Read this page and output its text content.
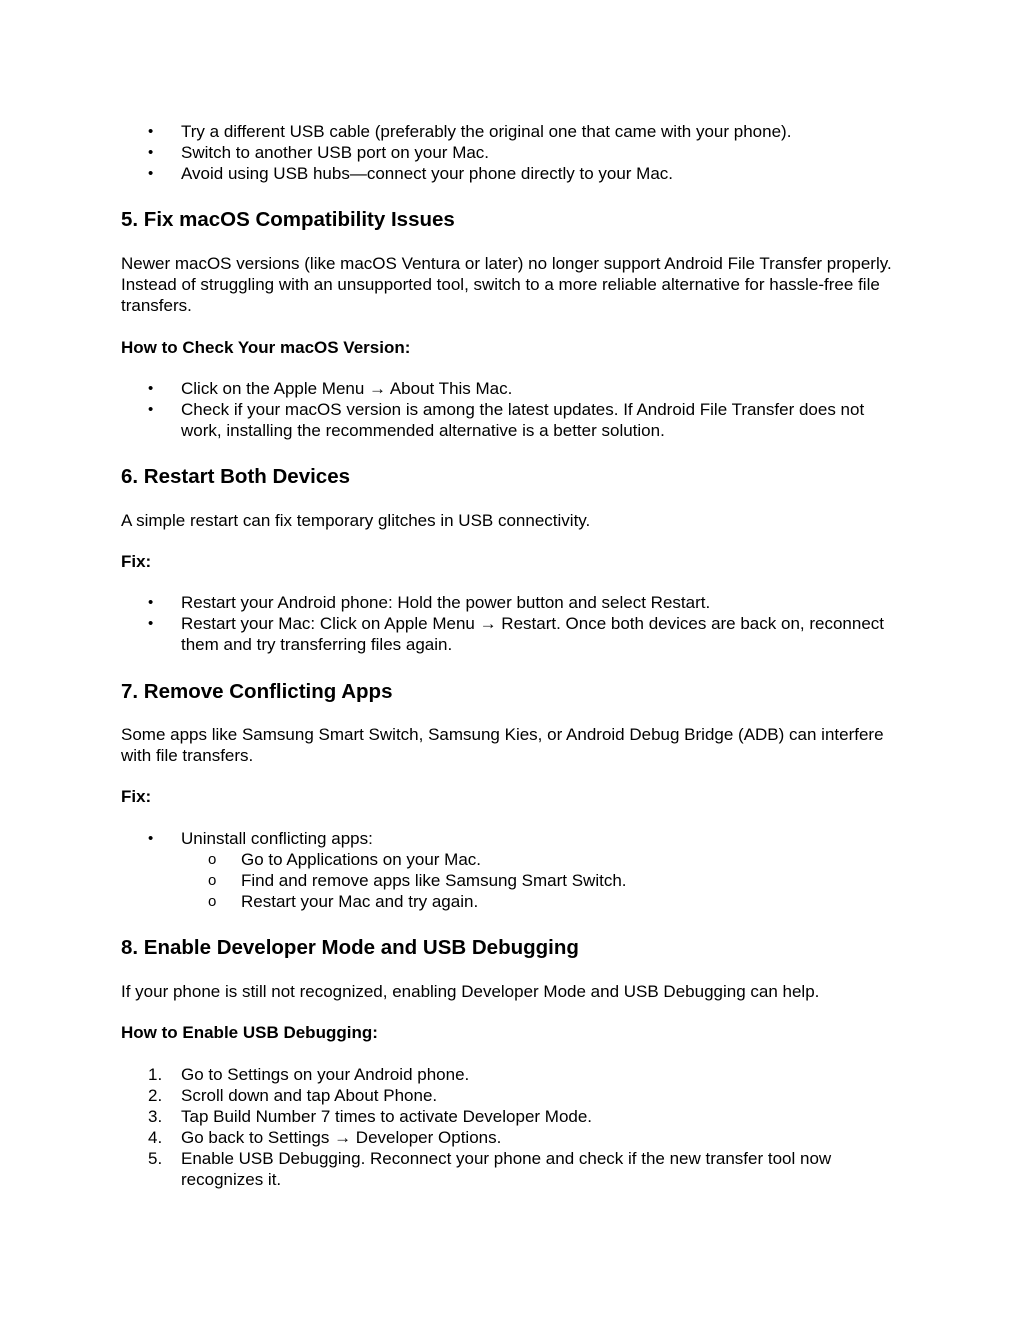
• Try a different USB cable (preferably the original one that came with your phone).
• Switch to another USB port on your Mac.
• Avoid using USB hubs—connect your phone directly to your Mac.
5. Fix macOS Compatibility Issues
Newer macOS versions (like macOS Ventura or later) no longer support Android File Transfer properly. Instead of struggling with an unsupported tool, switch to a more reliable alternative for hassle-free file transfers.
How to Check Your macOS Version:
• Click on the Apple Menu → About This Mac.
• Check if your macOS version is among the latest updates. If Android File Transfer does not work, installing the recommended alternative is a better solution.
6. Restart Both Devices
A simple restart can fix temporary glitches in USB connectivity.
Fix:
• Restart your Android phone: Hold the power button and select Restart.
• Restart your Mac: Click on Apple Menu → Restart. Once both devices are back on, reconnect them and try transferring files again.
7. Remove Conflicting Apps
Some apps like Samsung Smart Switch, Samsung Kies, or Android Debug Bridge (ADB) can interfere with file transfers.
Fix:
• Uninstall conflicting apps:
o Go to Applications on your Mac.
o Find and remove apps like Samsung Smart Switch.
o Restart your Mac and try again.
8. Enable Developer Mode and USB Debugging
If your phone is still not recognized, enabling Developer Mode and USB Debugging can help.
How to Enable USB Debugging:
1.	Go to Settings on your Android phone.
2.	Scroll down and tap About Phone.
3.	Tap Build Number 7 times to activate Developer Mode.
4.	Go back to Settings → Developer Options.
5.	Enable USB Debugging. Reconnect your phone and check if the new transfer tool now recognizes it.
